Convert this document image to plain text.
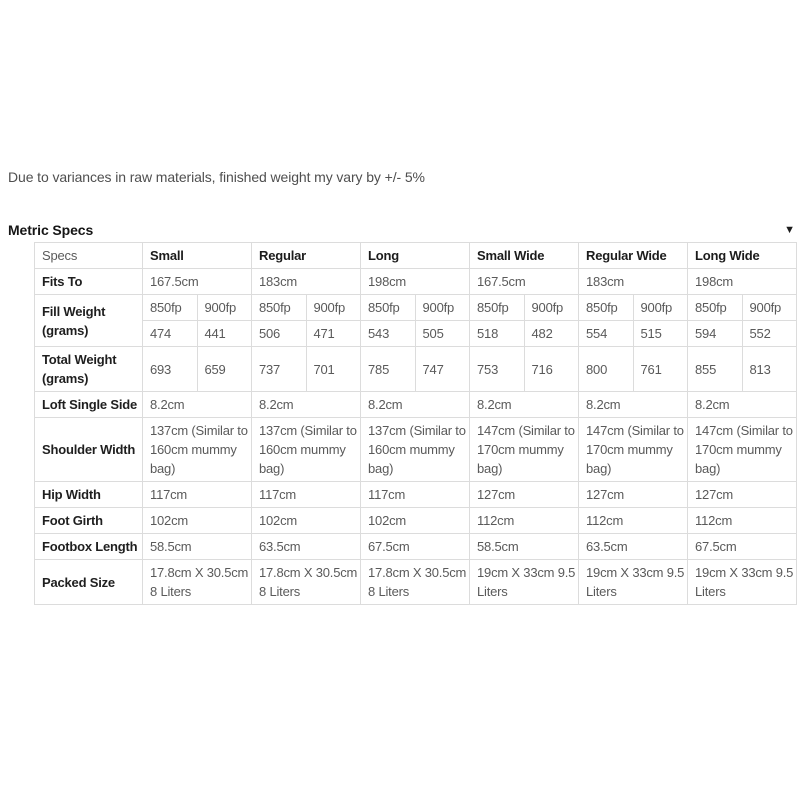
Due to variances in raw materials, finished weight my vary by +/- 5%
Metric Specs	▼
Specs	Small		Regular		Long		Small Wide		Regular Wide		Long Wide	
Fits To	167.5cm		183cm		198cm		167.5cm		183cm		198cm	
Fill Weight (grams)	850fp	900fp	850fp	900fp	850fp	900fp	850fp	900fp	850fp	900fp	850fp	900fp
	474	441	506	471	543	505	518	482	554	515	594	552
Total Weight (grams)	693	659	737	701	785	747	753	716	800	761	855	813
Loft Single Side	8.2cm		8.2cm		8.2cm		8.2cm		8.2cm		8.2cm	
Shoulder Width	137cm (Similar to 160cm mummy bag)		137cm (Similar to 160cm mummy bag)		137cm (Similar to 160cm mummy bag)		147cm (Similar to 170cm mummy bag)		147cm (Similar to 170cm mummy bag)		147cm (Similar to 170cm mummy bag)	
Hip Width	117cm		117cm		117cm		127cm		127cm		127cm	
Foot Girth	102cm		102cm		102cm		112cm		112cm		112cm	
Footbox Length	58.5cm		63.5cm		67.5cm		58.5cm		63.5cm		67.5cm	
Packed Size	17.8cm X 30.5cm 8 Liters		17.8cm X 30.5cm 8 Liters		17.8cm X 30.5cm 8 Liters		19cm X 33cm 9.5 Liters		19cm X 33cm 9.5 Liters		19cm X 33cm 9.5 Liters	
